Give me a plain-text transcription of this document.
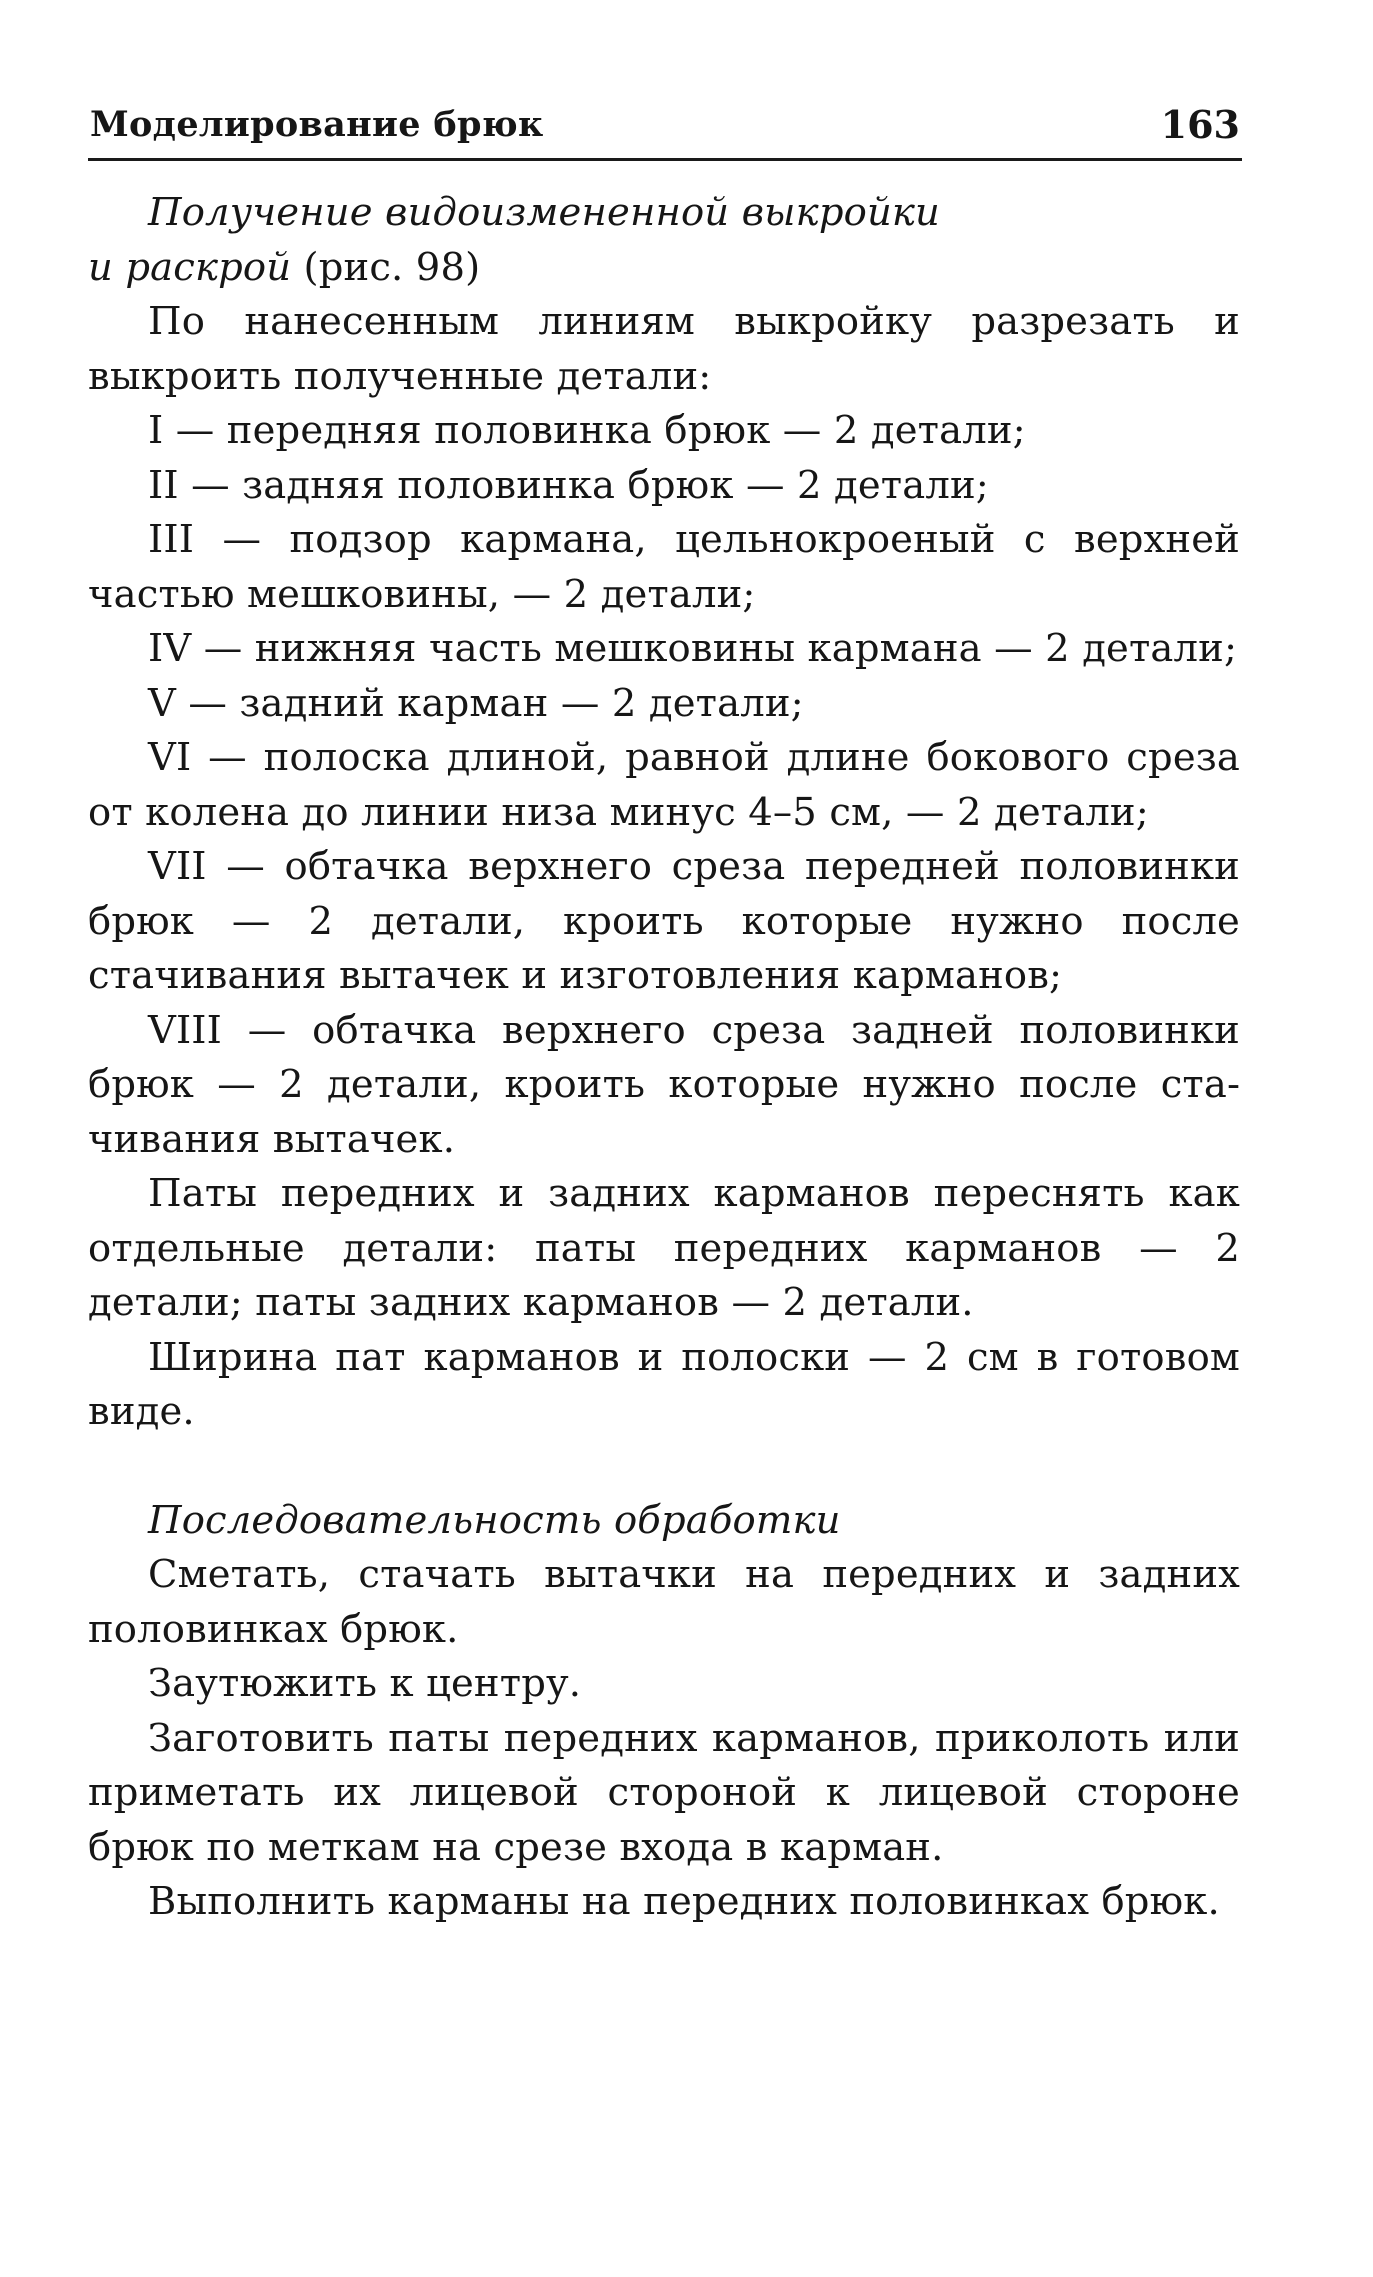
Моделирование брюк	163

Получение видоизмененной выкройки
и раскрой (рис. 98)

По нанесенным линиям выкройку разрезать и выкроить полученные детали:

I — передняя половинка брюк — 2 детали;

II — задняя половинка брюк — 2 детали;

III — подзор кармана, цельнокроеный с верхней частью мешковины, — 2 детали;

IV — нижняя часть мешковины кармана — 2 детали;

V — задний карман — 2 детали;

VI — полоска длиной, равной длине бокового среза от колена до линии низа минус 4–5 см, — 2 детали;

VII — обтачка верхнего среза передней половинки брюк — 2 детали, кроить которые нужно после стачивания вытачек и изготовления карманов;

VIII — обтачка верхнего среза задней половинки брюк — 2 детали, кроить которые нужно после стачивания вытачек.

Паты передних и задних карманов переснять как отдельные детали: паты передних карманов — 2 детали; паты задних карманов — 2 детали.

Ширина пат карманов и полоски — 2 см в готовом виде.

Последовательность обработки

Сметать, стачать вытачки на передних и задних половинках брюк.

Заутюжить к центру.

Заготовить паты передних карманов, приколоть или приметать их лицевой стороной к лицевой стороне брюк по меткам на срезе входа в карман.

Выполнить карманы на передних половинках брюк.
